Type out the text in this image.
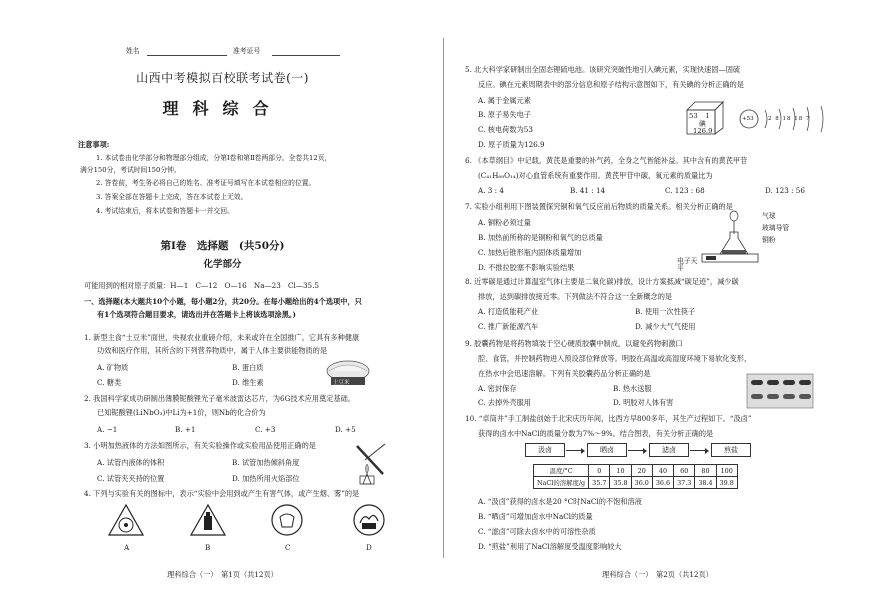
姓名	准考证号
山西中考模拟百校联考试卷(一)
理科综合
注意事项:
1. 本试卷由化学部分和物理部分组成，分第Ⅰ卷和第Ⅱ卷两部分。全卷共12页，
满分150分，考试时间150分钟。
2. 答卷前，考生务必将自己的姓名、准考证号填写在本试卷相应的位置。
3. 答案全部在答题卡上完成，答在本试卷上无效。
4. 考试结束后，将本试卷和答题卡一并交回。
第Ⅰ卷　选择题　(共50分)
化学部分
可能用到的相对原子质量：H—1　C—12　O—16　Na—23　Cl—35.5
一、选择题(本大题共10个小题，每小题2分，共20分。在每小题给出的4个选项中，只
有1个选项符合题目要求，请选出并在答题卡上将该选项涂黑。)
1. 新型主食“土豆米”面世，央视农业重磅介绍，未来或许在全国推广。它具有多种健康
功效和医疗作用，其所含的下列营养物质中，属于人体主要供能物质的是
A. 矿物质	B. 蛋白质
C. 糖类	D. 维生素	土豆米
2. 我国科学家成功研制出薄膜铌酸锂光子毫米波雷达芯片，为6G技术应用奠定基础。
已知铌酸锂(LiNbO₃)中Li为+1价，则Nb的化合价为
A. −1	B. +1	C. +3	D. +5
3. 小明加热液体的方法如图所示，有关实验操作或实验用品使用正确的是
A. 试管内液体的体积	B. 试管加热倾斜角度
C. 试管夹夹持的位置	D. 加热所用火焰部位
4. 下列与实验有关的图标中，表示“实验中会用到或产生有害气体，或产生烟、雾”的是
A	B	C	D
理科综合（一）　第1页（共12页）
5. 北大科学家研制出全固态锂硫电池。该研究突破性地引入碘元素，实现快速固—固硫
反应。碘在元素周期表中的部分信息和原子结构示意图如下，有关碘的分析正确的是
A. 属于金属元素
B. 原子易失电子
C. 核电荷数为53
D. 原子质量为126.9
53 I
碘
126.9
+53	2 8 18 18 7
6. 《本草纲目》中记载，黄芪是重要的补气药，全身之气皆能补益。其中含有的黄芪甲苷
(C₄₁H₆₈O₁₄)对心血管系统有重要作用。黄芪甲苷中碳、氧元素的质量比为
A. 3 : 4	B. 41 : 14	C. 123 : 68	D. 123 : 56
7. 实验小组利用下图装置探究铜和氧气反应前后物质的质量关系。相关分析正确的是
A. 铜粉必须过量
B. 加热前所称的是铜粉和氧气的总质量
C. 加热后锥形瓶内固体质量增加
D. 不推拉胶塞不影响实验结果
气球
玻璃导管
铜粉
电子天平
8. 近零碳是通过计算温室气体(主要是二氧化碳)排放，设计方案抵减“碳足迹”，减少碳
排放，达到碳排放接近零。下列做法不符合这一全新概念的是
A. 打造低能耗产业	B. 使用一次性筷子
C. 推广新能源汽车	D. 减少大气气使用
9. 胶囊药物是将药物填装于空心硬质胶囊中制成，以避免药物刺激口
腔、食管，并控制药物进入预设部位释放等。明胶在高温或高湿度环境下易软化变形，
在热水中会迅速溶解。下列有关胶囊药品分析正确的是
A. 密封保存	B. 热水送服
C. 去掉外壳服用	D. 明胶对人体有害
10. “卓筒井”手工制盐创始于北宋庆历年间，比西方早800多年，其生产过程如下。“汲卤”
获得的卤水中NaCl的质量分数为7%～9%。结合图表，有关分析正确的是
汲卤	晒卤	滤卤	煎盐
温度/°C	0	10	20	40	60	80	100
NaCl的溶解度/g	35.7	35.8	36.0	36.6	37.3	38.4	39.8
A. “汲卤”获得的卤水是20 °C时NaCl的不饱和溶液
B. “晒卤”可增加卤水中NaCl的质量
C. “滤卤”可除去卤水中的可溶性杂质
D. “煎盐”利用了NaCl溶解度受温度影响较大
理科综合（一）　第2页（共12页）
